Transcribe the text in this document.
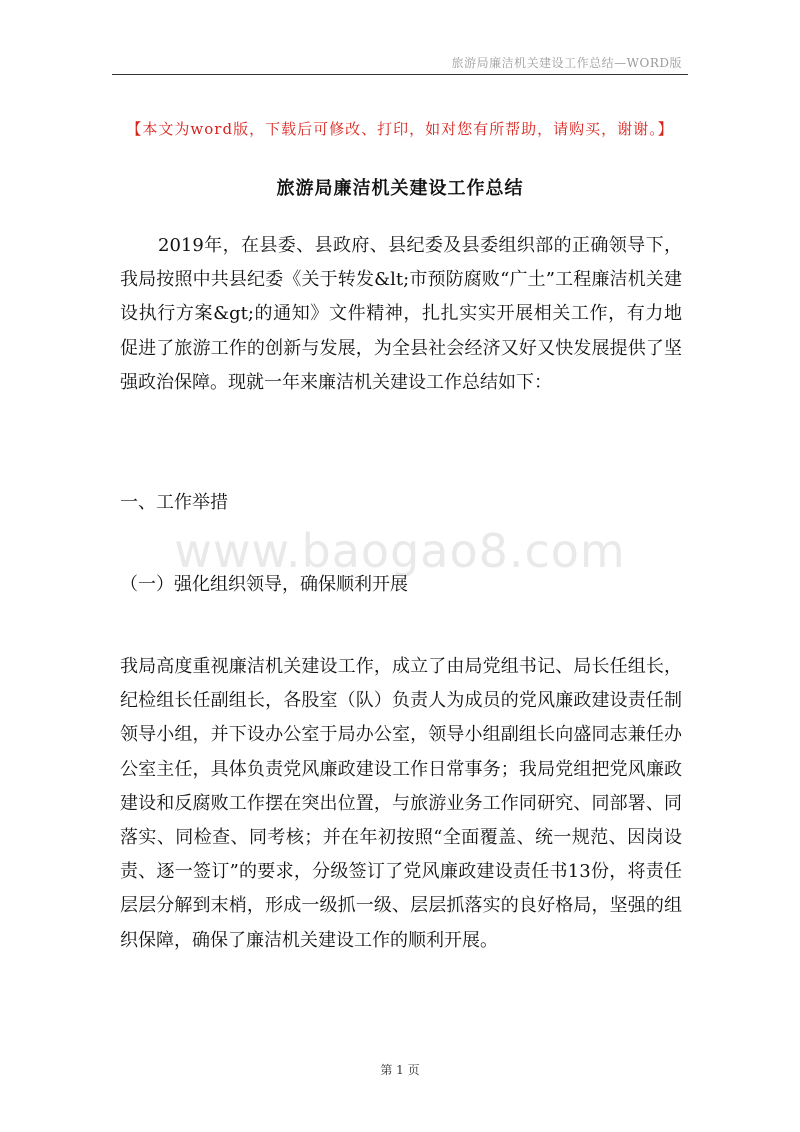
旅游局廉洁机关建设工作总结—WORD版
【本文为word版，下载后可修改、打印，如对您有所帮助，请购买，谢谢。】
旅游局廉洁机关建设工作总结

2019年，在县委、县政府、县纪委及县委组织部的正确领导下，我局按照中共县纪委《关于转发&lt;市预防腐败“广土”工程廉洁机关建设执行方案&gt;的通知》文件精神，扎扎实实开展相关工作，有力地促进了旅游工作的创新与发展，为全县社会经济又好又快发展提供了坚强政治保障。现就一年来廉洁机关建设工作总结如下：

一、工作举措
www.baogao8.com
（一）强化组织领导，确保顺利开展

我局高度重视廉洁机关建设工作，成立了由局党组书记、局长任组长，纪检组长任副组长，各股室（队）负责人为成员的党风廉政建设责任制领导小组，并下设办公室于局办公室，领导小组副组长向盛同志兼任办公室主任，具体负责党风廉政建设工作日常事务；我局党组把党风廉政建设和反腐败工作摆在突出位置，与旅游业务工作同研究、同部署、同落实、同检查、同考核；并在年初按照“全面覆盖、统一规范、因岗设责、逐一签订”的要求，分级签订了党风廉政建设责任书13份，将责任层层分解到末梢，形成一级抓一级、层层抓落实的良好格局，坚强的组织保障，确保了廉洁机关建设工作的顺利开展。

第 1 页
